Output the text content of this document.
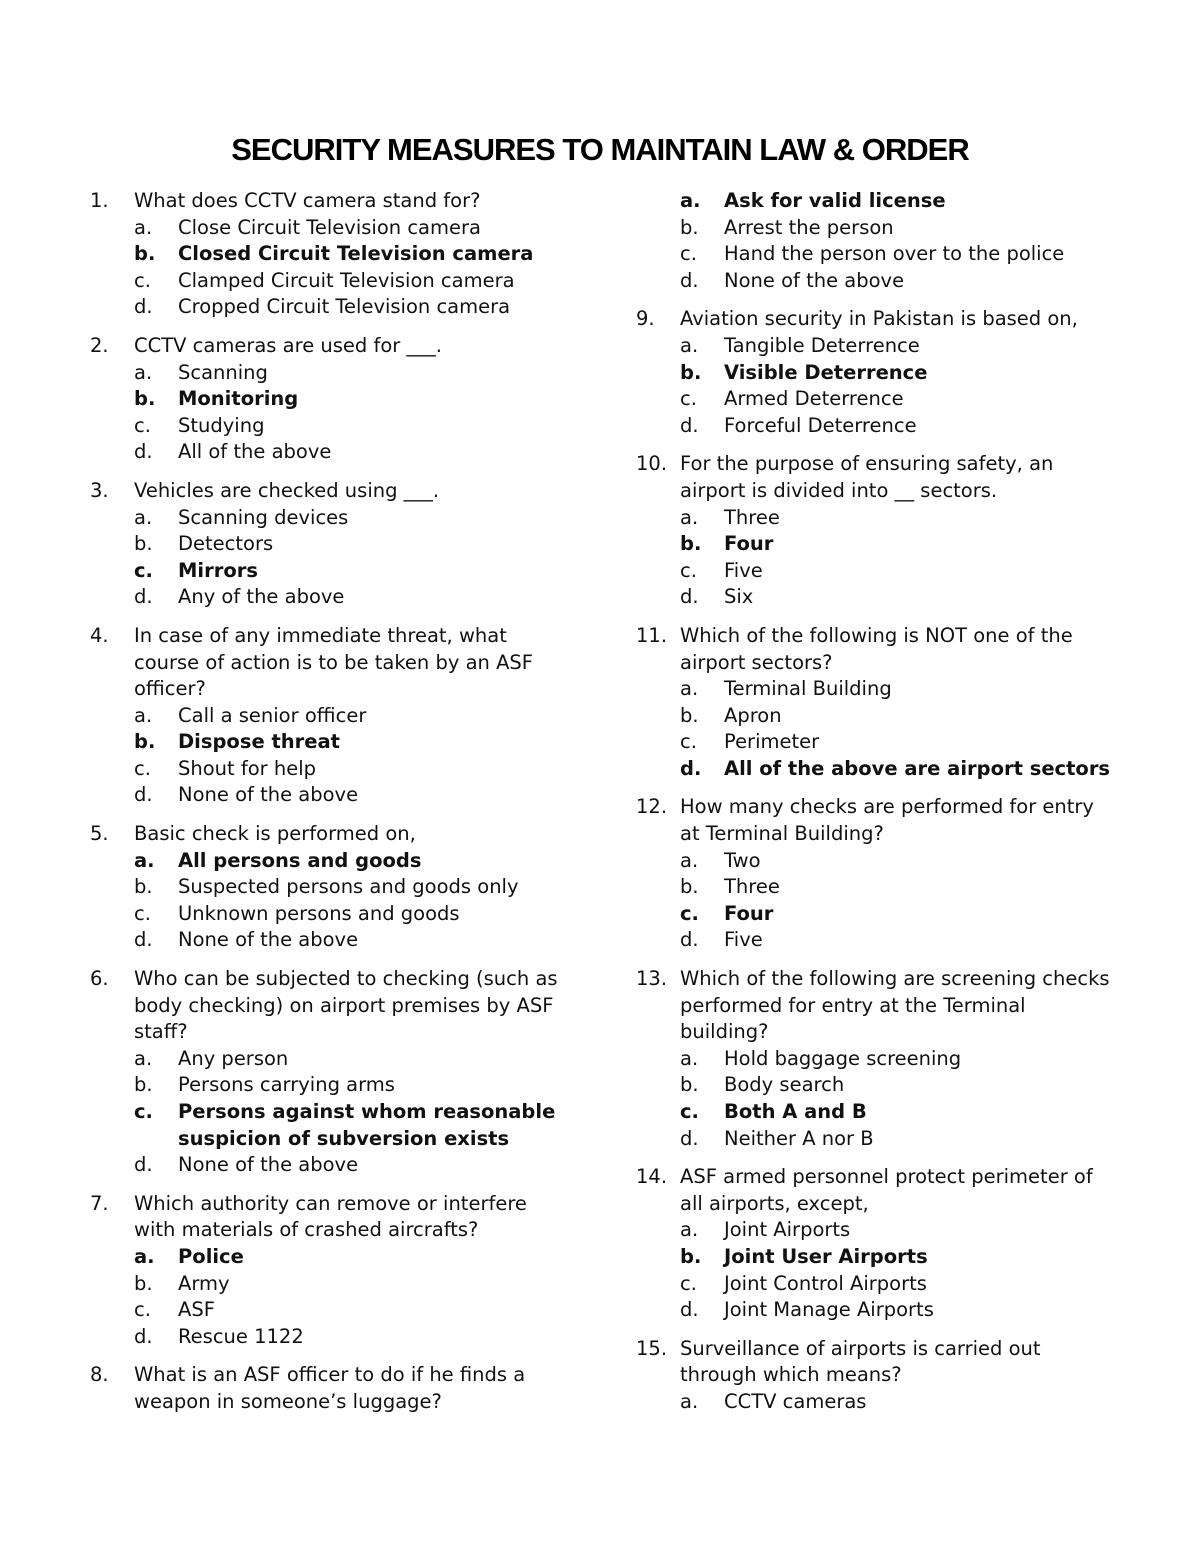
SECURITY MEASURES TO MAINTAIN LAW & ORDER
1.	What does CCTV camera stand for?
a.	Close Circuit Television camera
b.	Closed Circuit Television camera
c.	Clamped Circuit Television camera
d.	Cropped Circuit Television camera
2.	CCTV cameras are used for ___.
a.	Scanning
b.	Monitoring
c.	Studying
d.	All of the above
3.	Vehicles are checked using ___.
a.	Scanning devices
b.	Detectors
c.	Mirrors
d.	Any of the above
4.	In case of any immediate threat, what course of action is to be taken by an ASF officer?
a.	Call a senior officer
b.	Dispose threat
c.	Shout for help
d.	None of the above
5.	Basic check is performed on,
a.	All persons and goods
b.	Suspected persons and goods only
c.	Unknown persons and goods
d.	None of the above
6.	Who can be subjected to checking (such as body checking) on airport premises by ASF staff?
a.	Any person
b.	Persons carrying arms
c.	Persons against whom reasonable suspicion of subversion exists
d.	None of the above
7.	Which authority can remove or interfere with materials of crashed aircrafts?
a.	Police
b.	Army
c.	ASF
d.	Rescue 1122
8.	What is an ASF officer to do if he finds a weapon in someone’s luggage?
a.	Ask for valid license
b.	Arrest the person
c.	Hand the person over to the police
d.	None of the above
9.	Aviation security in Pakistan is based on,
a.	Tangible Deterrence
b.	Visible Deterrence
c.	Armed Deterrence
d.	Forceful Deterrence
10. For the purpose of ensuring safety, an airport is divided into __ sectors.
a.	Three
b.	Four
c.	Five
d.	Six
11. Which of the following is NOT one of the airport sectors?
a.	Terminal Building
b.	Apron
c.	Perimeter
d.	All of the above are airport sectors
12. How many checks are performed for entry at Terminal Building?
a.	Two
b.	Three
c.	Four
d.	Five
13. Which of the following are screening checks performed for entry at the Terminal building?
a.	Hold baggage screening
b.	Body search
c.	Both A and B
d.	Neither A nor B
14. ASF armed personnel protect perimeter of all airports, except,
a.	Joint Airports
b.	Joint User Airports
c.	Joint Control Airports
d.	Joint Manage Airports
15. Surveillance of airports is carried out through which means?
a.	CCTV cameras
